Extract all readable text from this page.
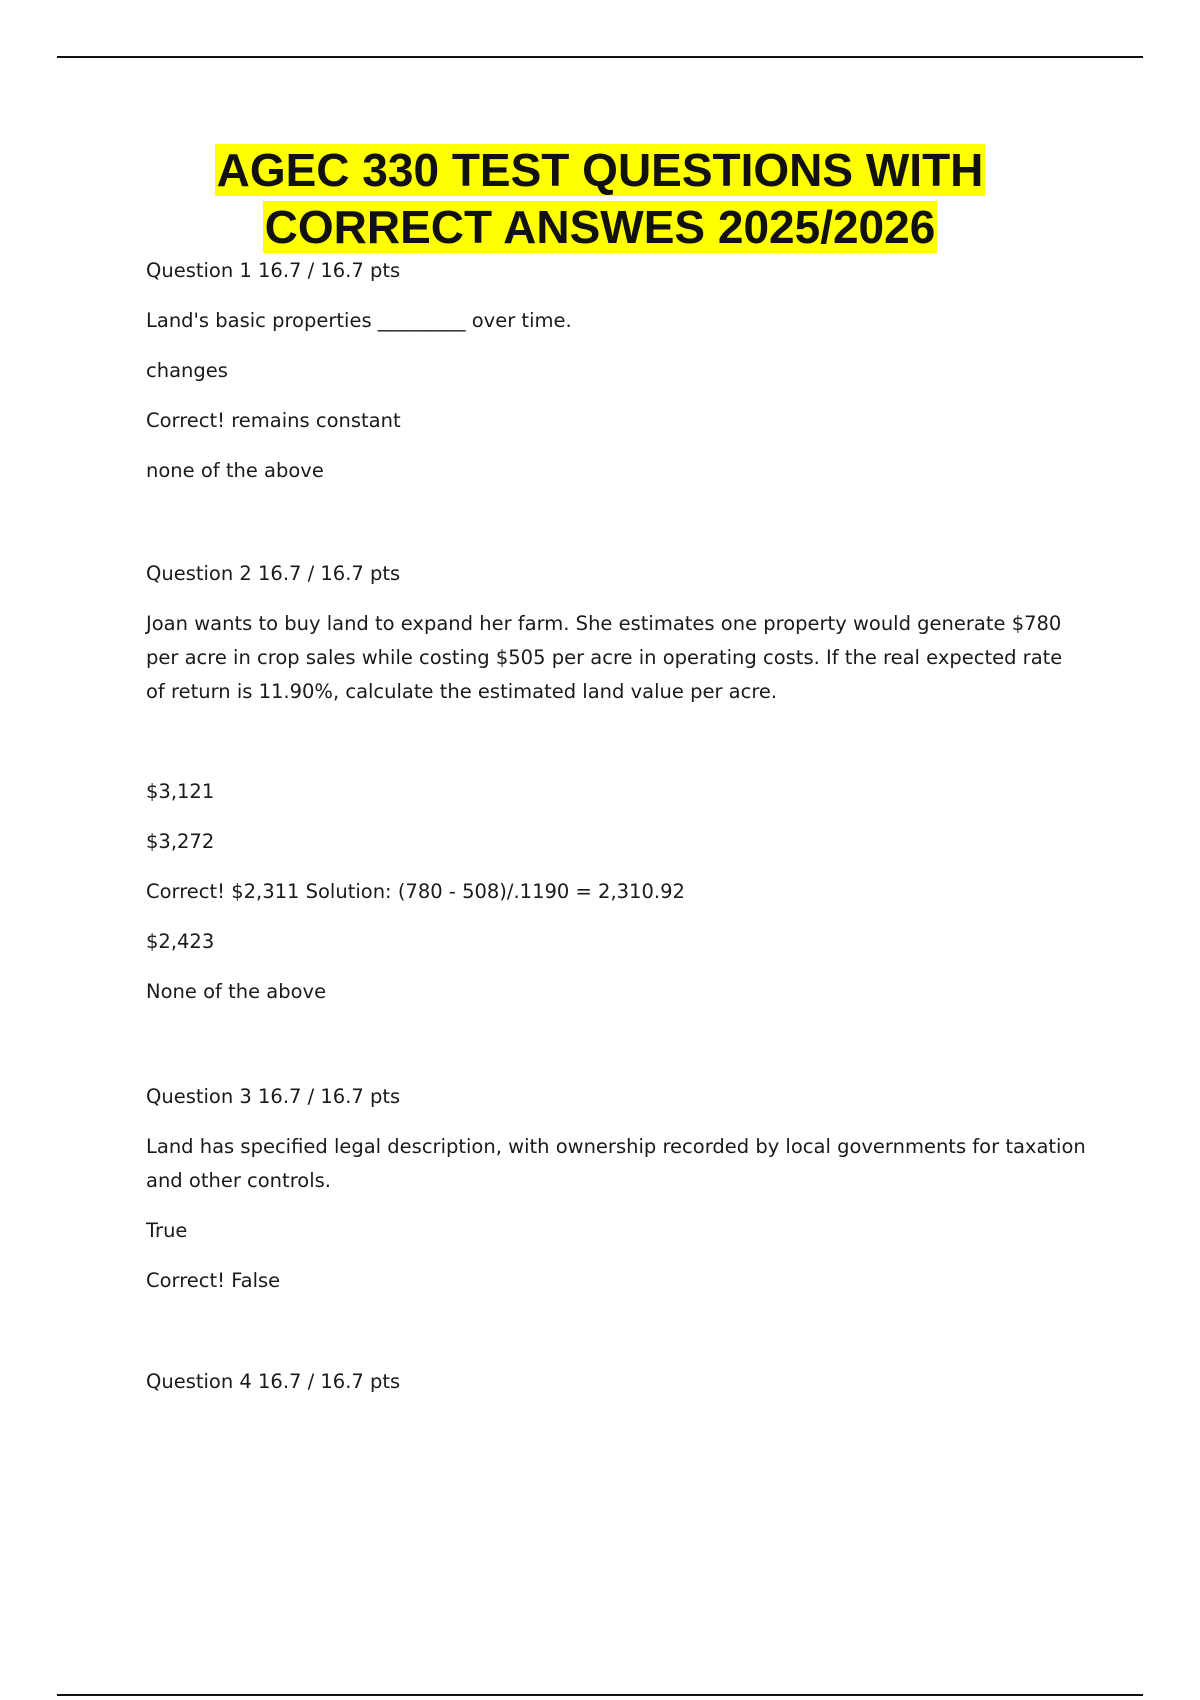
AGEC 330 TEST QUESTIONS WITH
CORRECT ANSWES 2025/2026

Question 1 16.7 / 16.7 pts

Land's basic properties _________ over time.

changes

Correct! remains constant

none of the above

Question 2 16.7 / 16.7 pts

Joan wants to buy land to expand her farm. She estimates one property would generate $780 per acre in crop sales while costing $505 per acre in operating costs. If the real expected rate of return is 11.90%, calculate the estimated land value per acre.

$3,121

$3,272

Correct! $2,311 Solution: (780 - 508)/.1190 = 2,310.92

$2,423

None of the above

Question 3 16.7 / 16.7 pts

Land has specified legal description, with ownership recorded by local governments for taxation and other controls.

True

Correct! False

Question 4 16.7 / 16.7 pts
